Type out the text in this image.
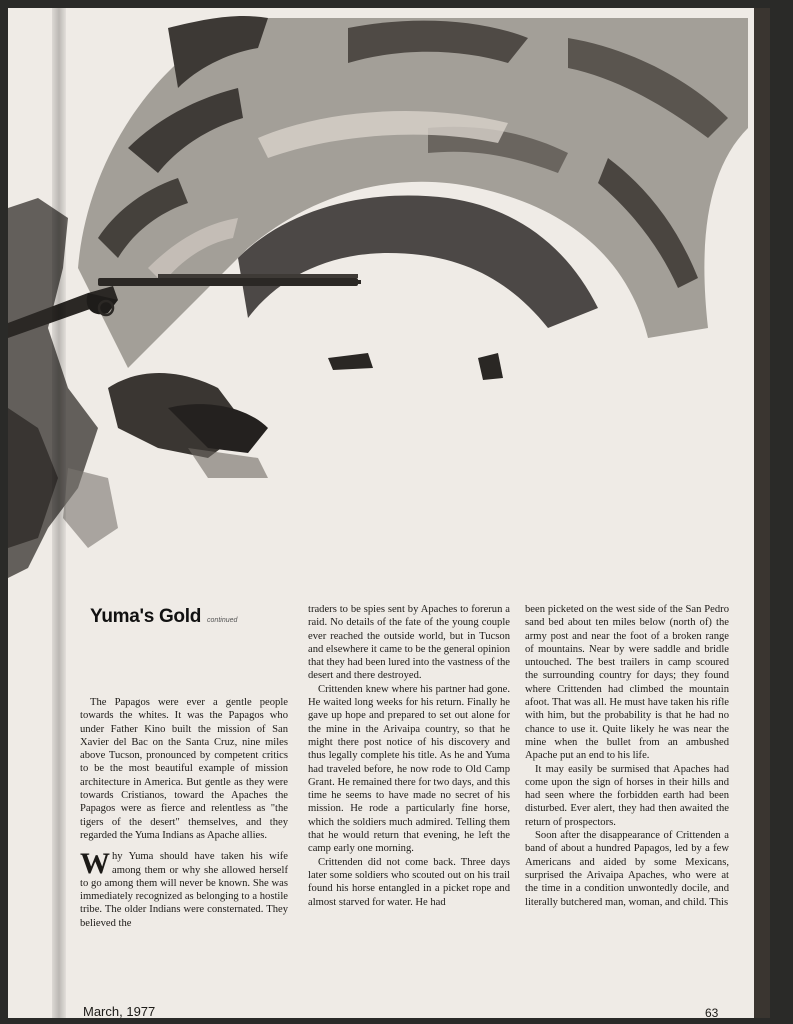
Yuma's Gold continued

The Papagos were ever a gentle people towards the whites. It was the Papagos who under Father Kino built the mission of San Xavier del Bac on the Santa Cruz, nine miles above Tucson, pronounced by competent critics to be the most beautiful example of mission architecture in America. But gentle as they were towards Cristianos, toward the Apaches the Papagos were as fierce and relentless as "the tigers of the desert" themselves, and they regarded the Yuma Indians as Apache allies.

Why Yuma should have taken his wife among them or why she allowed herself to go among them will never be known. She was immediately recognized as belonging to a hostile tribe. The older Indians were consternated. They believed the

traders to be spies sent by Apaches to forerun a raid. No details of the fate of the young couple ever reached the outside world, but in Tucson and elsewhere it came to be the general opinion that they had been lured into the vastness of the desert and there destroyed.

Crittenden knew where his partner had gone. He waited long weeks for his return. Finally he gave up hope and prepared to set out alone for the mine in the Arivaipa country, so that he might there post notice of his discovery and thus legally complete his title. As he and Yuma had traveled before, he now rode to Old Camp Grant. He remained there for two days, and this time he seems to have made no secret of his mission. He rode a particularly fine horse, which the soldiers much admired. Telling them that he would return that evening, he left the camp early one morning.

Crittenden did not come back. Three days later some soldiers who scouted out on his trail found his horse entangled in a picket rope and almost starved for water. He had

been picketed on the west side of the San Pedro sand bed about ten miles below (north of) the army post and near the foot of a broken range of mountains. Near by were saddle and bridle untouched. The best trailers in camp scoured the surrounding country for days; they found where Crittenden had climbed the mountain afoot. That was all. He must have taken his rifle with him, but the probability is that he had no chance to use it. Quite likely he was near the mine when the bullet from an ambushed Apache put an end to his life.

It may easily be surmised that Apaches had come upon the sign of horses in their hills and had seen where the forbidden earth had been disturbed. Ever alert, they had then awaited the return of prospectors.

Soon after the disappearance of Crittenden a band of about a hundred Papagos, led by a few Americans and aided by some Mexicans, surprised the Arivaipa Apaches, who were at the time in a condition unwontedly docile, and literally butchered man, woman, and child. This

March, 1977	63
